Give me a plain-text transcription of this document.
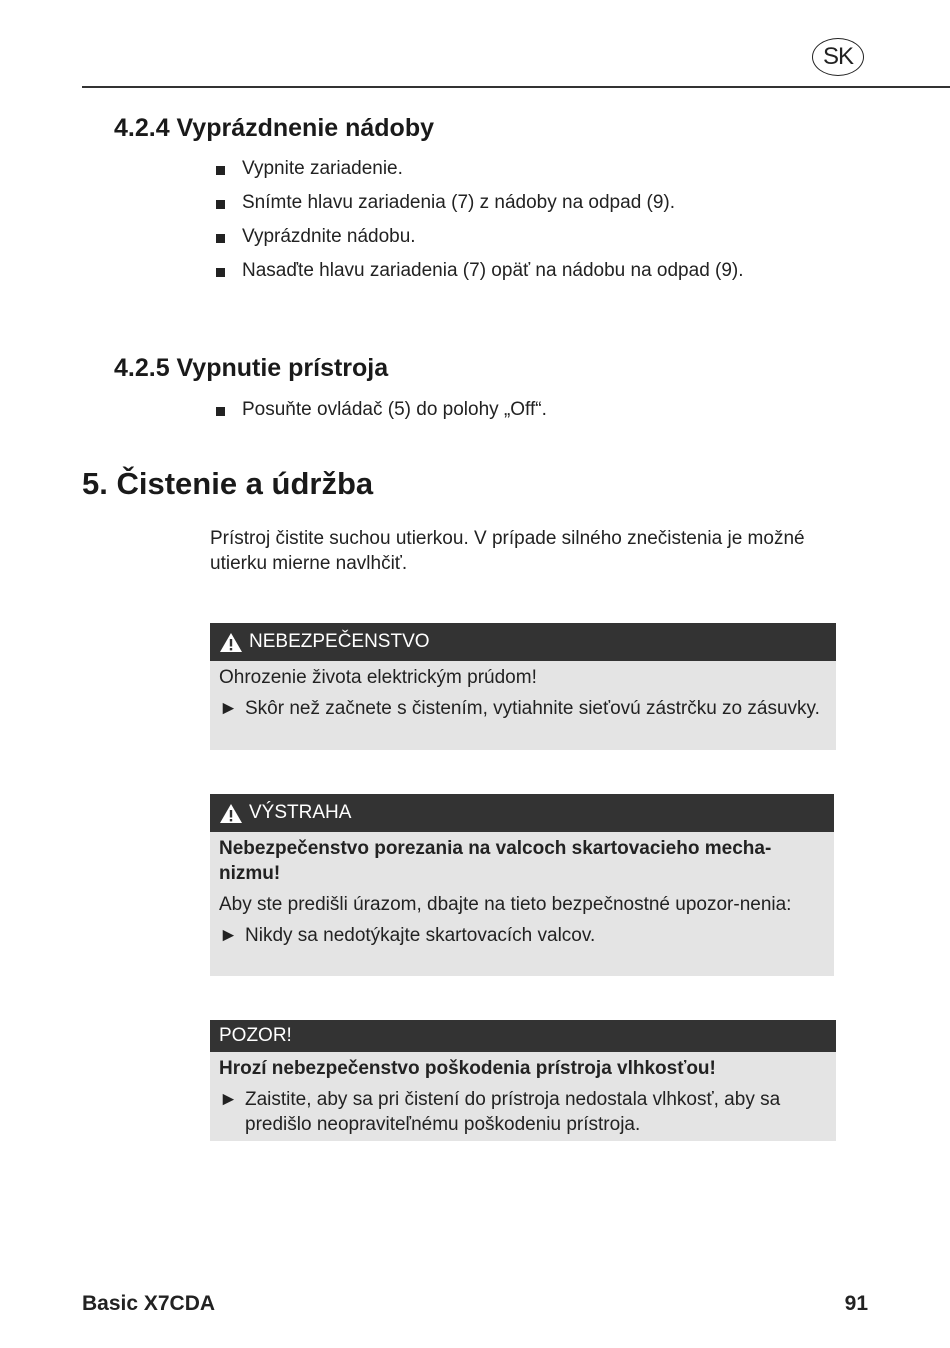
SK
4.2.4 Vyprázdnenie nádoby
Vypnite zariadenie.
Snímte hlavu zariadenia (7) z nádoby na odpad (9).
Vyprázdnite nádobu.
Nasaďte hlavu zariadenia (7) opäť na nádobu na odpad (9).
4.2.5 Vypnutie prístroja
Posuňte ovládač (5) do polohy „Off“.
5. Čistenie a údržba
Prístroj čistite suchou utierkou. V prípade silného znečistenia je možné utierku mierne navlhčiť.
NEBEZPEČENSTVO
Ohrozenie života elektrickým prúdom!
► Skôr než začnete s čistením, vytiahnite sieťovú zástrčku zo zásuvky.
VÝSTRAHA
Nebezpečenstvo porezania na valcoch skartovacieho mecha-nizmu!
Aby ste predišli úrazom, dbajte na tieto bezpečnostné upozor-nenia:
► Nikdy sa nedotýkajte skartovacích valcov.
POZOR!
Hrozí nebezpečenstvo poškodenia prístroja vlhkosťou!
► Zaistite, aby sa pri čistení do prístroja nedostala vlhkosť, aby sa predišlo neopraviteľnému poškodeniu prístroja.
Basic X7CDA	91
